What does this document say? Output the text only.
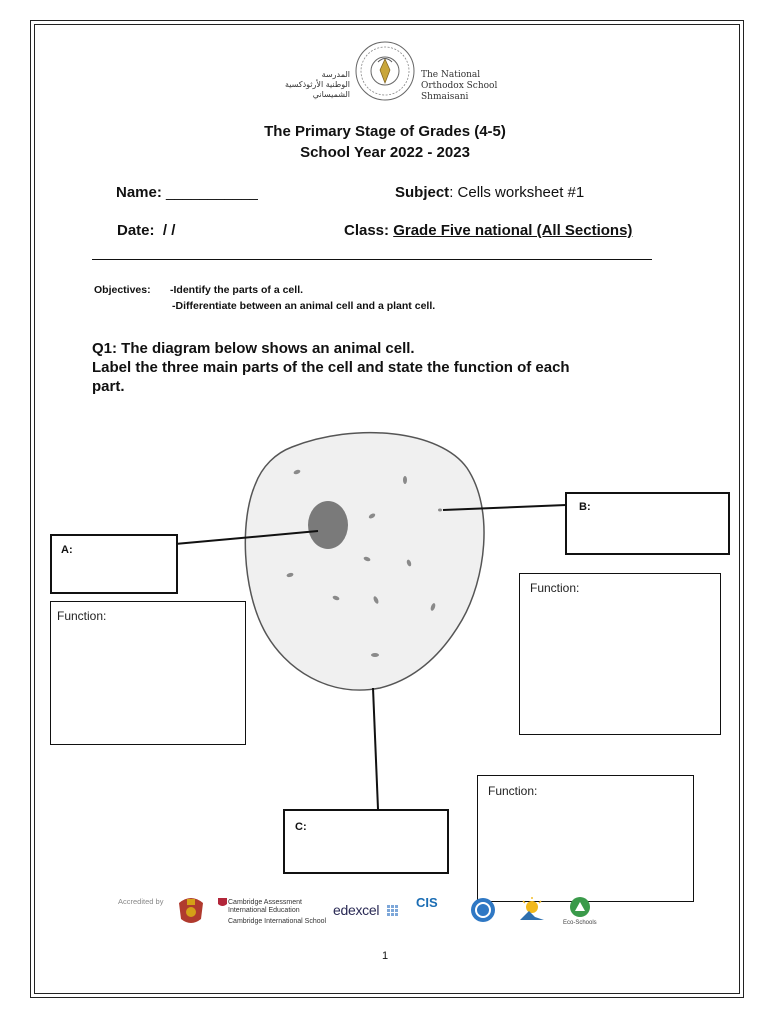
المدرسة
الوطنية الأرثوذكسية
الشميساني
The National
Orthodox School
Shmaisani
The Primary Stage of Grades (4-5)
School Year 2022 - 2023
Name: ___________	Subject: Cells worksheet #1
Date: / /	Class: Grade Five national (All Sections)
Objectives: -Identify the parts of a cell.
-Differentiate between an animal cell and a plant cell.
Q1: The diagram below shows an animal cell.
Label the three main parts of the cell and state the function of each
part.
A:
Function:
B:
Function:
C:
Function:
Accredited by	Cambridge Assessment
International Education
Cambridge International School
edexcel	CIS
Eco-Schools
1
